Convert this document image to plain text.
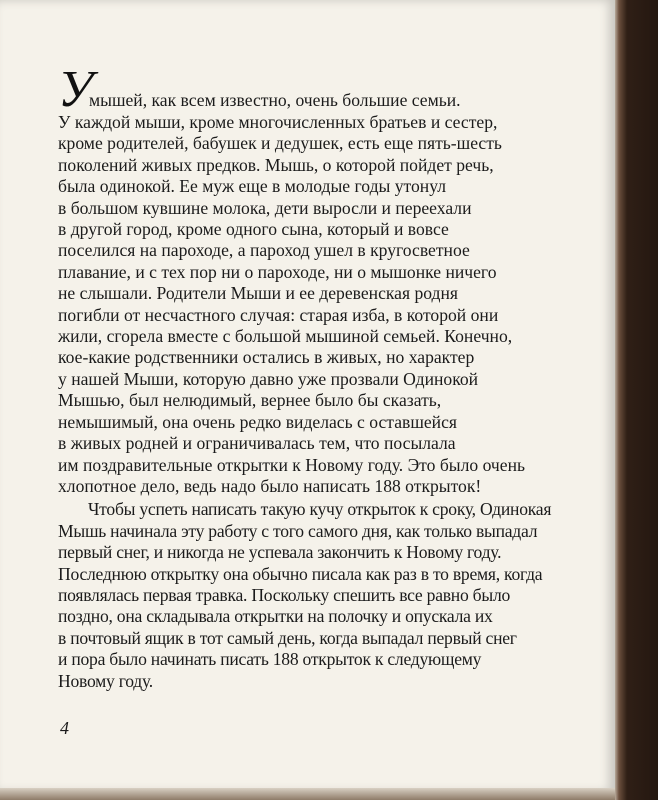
У
мышей, как всем известно, очень большие семьи.
У каждой мыши, кроме многочисленных братьев и сестер,
кроме родителей, бабушек и дедушек, есть еще пять-шесть
поколений живых предков. Мышь, о которой пойдет речь,
была одинокой. Ее муж еще в молодые годы утонул
в большом кувшине молока, дети выросли и переехали
в другой город, кроме одного сына, который и вовсе
поселился на пароходе, а пароход ушел в кругосветное
плавание, и с тех пор ни о пароходе, ни о мышонке ничего
не слышали. Родители Мыши и ее деревенская родня
погибли от несчастного случая: старая изба, в которой они
жили, сгорела вместе с большой мышиной семьей. Конечно,
кое-какие родственники остались в живых, но характер
у нашей Мыши, которую давно уже прозвали Одинокой
Мышью, был нелюдимый, вернее было бы сказать,
немышимый, она очень редко виделась с оставшейся
в живых родней и ограничивалась тем, что посылала
им поздравительные открытки к Новому году. Это было очень
хлопотное дело, ведь надо было написать 188 открыток!

Чтобы успеть написать такую кучу открыток к сроку, Одинокая
Мышь начинала эту работу с того самого дня, как только выпадал
первый снег, и никогда не успевала закончить к Новому году.
Последнюю открытку она обычно писала как раз в то время, когда
появлялась первая травка. Поскольку спешить все равно было
поздно, она складывала открытки на полочку и опускала их
в почтовый ящик в тот самый день, когда выпадал первый снег
и пора было начинать писать 188 открыток к следующему
Новому году.

4
